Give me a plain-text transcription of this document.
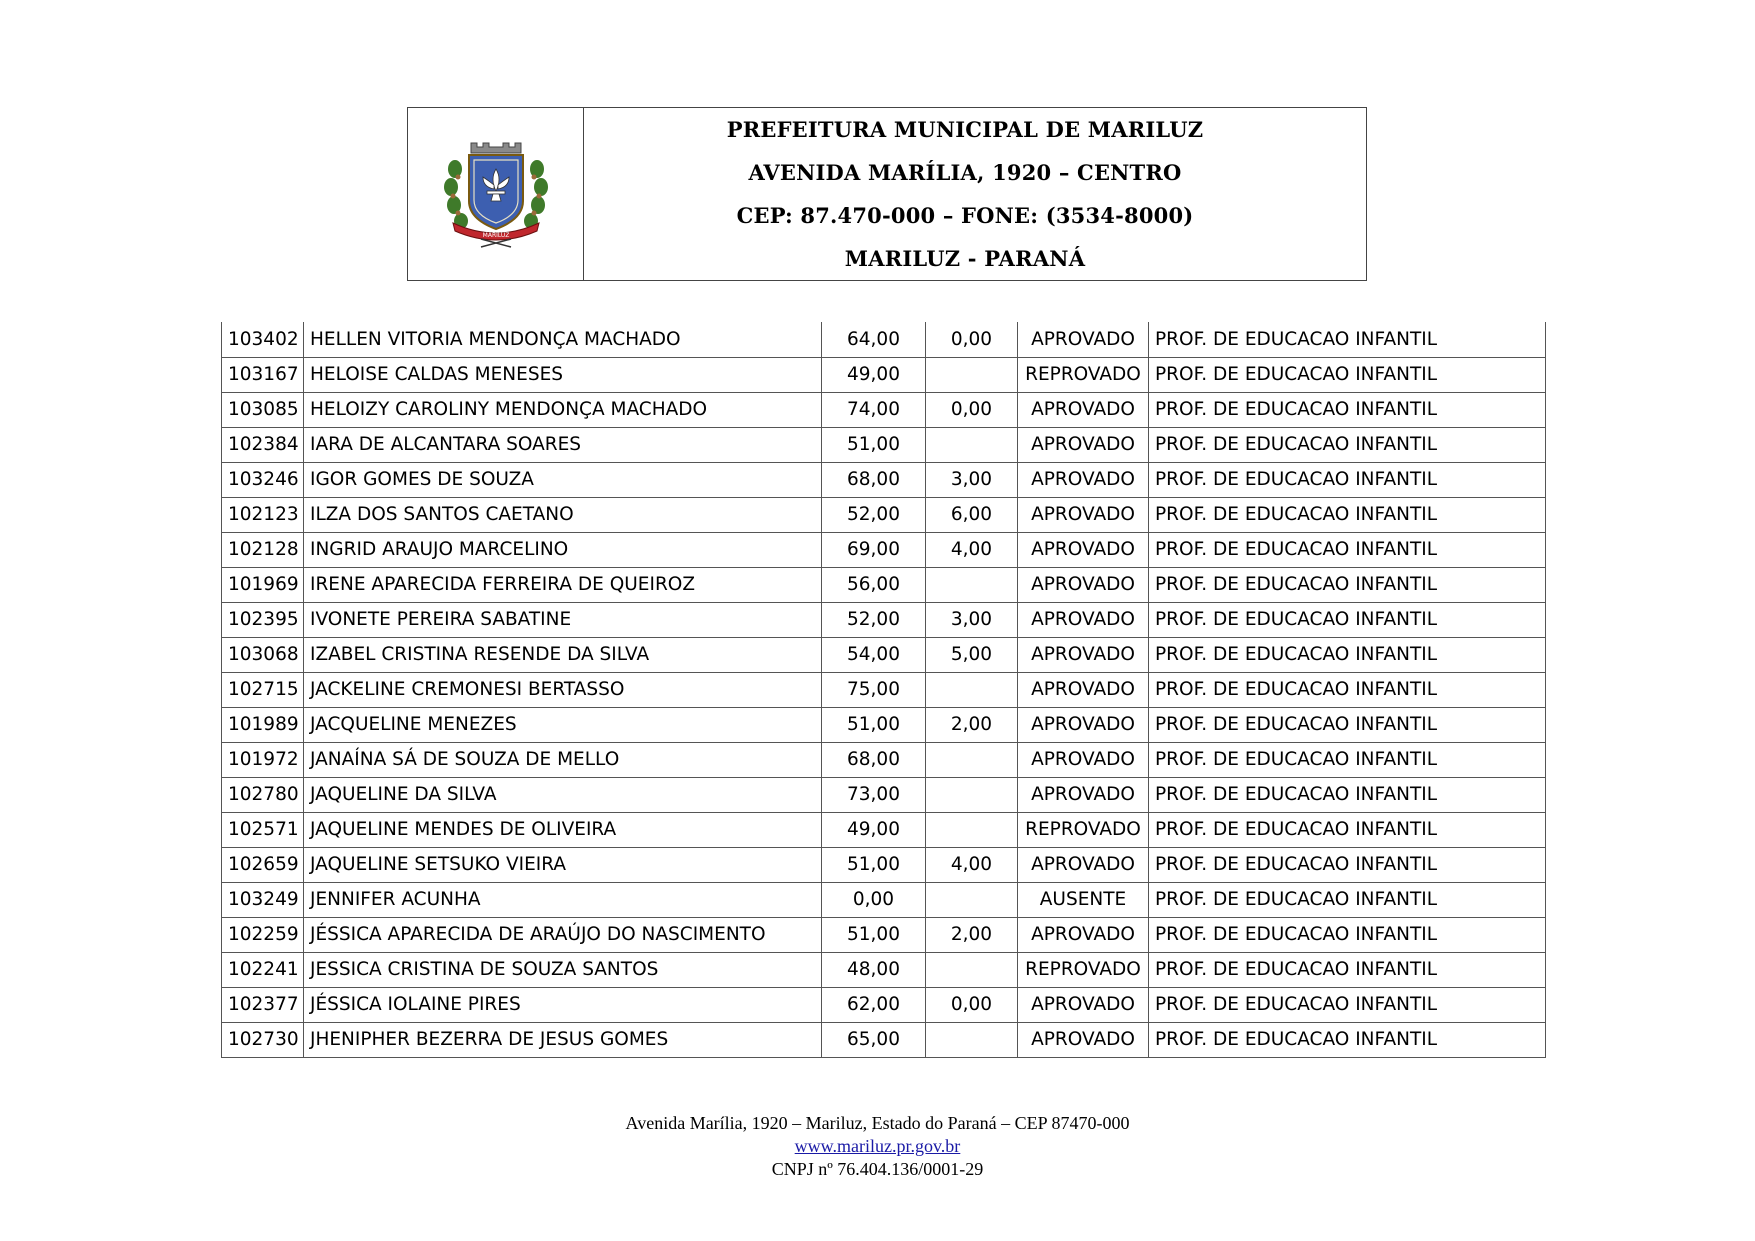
MARILUZ
PREFEITURA MUNICIPAL DE MARILUZ
AVENIDA MARÍLIA, 1920 – CENTRO
CEP: 87.470-000 – FONE: (3534-8000)
MARILUZ - PARANÁ
103402	HELLEN VITORIA MENDONÇA MACHADO	64,00	0,00	APROVADO	PROF. DE EDUCACAO INFANTIL
103167	HELOISE CALDAS MENESES	49,00		REPROVADO	PROF. DE EDUCACAO INFANTIL
103085	HELOIZY CAROLINY MENDONÇA MACHADO	74,00	0,00	APROVADO	PROF. DE EDUCACAO INFANTIL
102384	IARA DE ALCANTARA SOARES	51,00		APROVADO	PROF. DE EDUCACAO INFANTIL
103246	IGOR GOMES DE SOUZA	68,00	3,00	APROVADO	PROF. DE EDUCACAO INFANTIL
102123	ILZA DOS SANTOS CAETANO	52,00	6,00	APROVADO	PROF. DE EDUCACAO INFANTIL
102128	INGRID ARAUJO MARCELINO	69,00	4,00	APROVADO	PROF. DE EDUCACAO INFANTIL
101969	IRENE APARECIDA FERREIRA DE QUEIROZ	56,00		APROVADO	PROF. DE EDUCACAO INFANTIL
102395	IVONETE PEREIRA SABATINE	52,00	3,00	APROVADO	PROF. DE EDUCACAO INFANTIL
103068	IZABEL CRISTINA RESENDE DA SILVA	54,00	5,00	APROVADO	PROF. DE EDUCACAO INFANTIL
102715	JACKELINE CREMONESI BERTASSO	75,00		APROVADO	PROF. DE EDUCACAO INFANTIL
101989	JACQUELINE MENEZES	51,00	2,00	APROVADO	PROF. DE EDUCACAO INFANTIL
101972	JANAÍNA SÁ DE SOUZA DE MELLO	68,00		APROVADO	PROF. DE EDUCACAO INFANTIL
102780	JAQUELINE DA SILVA	73,00		APROVADO	PROF. DE EDUCACAO INFANTIL
102571	JAQUELINE MENDES DE OLIVEIRA	49,00		REPROVADO	PROF. DE EDUCACAO INFANTIL
102659	JAQUELINE SETSUKO VIEIRA	51,00	4,00	APROVADO	PROF. DE EDUCACAO INFANTIL
103249	JENNIFER ACUNHA	0,00		AUSENTE	PROF. DE EDUCACAO INFANTIL
102259	JÉSSICA APARECIDA DE ARAÚJO DO NASCIMENTO	51,00	2,00	APROVADO	PROF. DE EDUCACAO INFANTIL
102241	JESSICA CRISTINA DE SOUZA SANTOS	48,00		REPROVADO	PROF. DE EDUCACAO INFANTIL
102377	JÉSSICA IOLAINE PIRES	62,00	0,00	APROVADO	PROF. DE EDUCACAO INFANTIL
102730	JHENIPHER BEZERRA DE JESUS GOMES	65,00		APROVADO	PROF. DE EDUCACAO INFANTIL
Avenida Marília, 1920 – Mariluz, Estado do Paraná – CEP 87470-000
www.mariluz.pr.gov.br
CNPJ nº 76.404.136/0001-29
